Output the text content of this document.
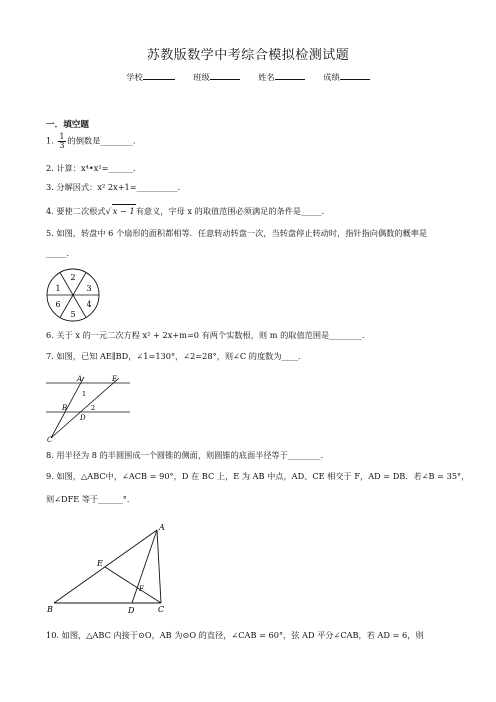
苏教版数学中考综合模拟检测试题
学校	班级	姓名	成绩
一．填空题
1. $\frac{1}{3}$ 的倒数是________．
2. 计算：x⁴•x²=______．
3. 分解因式：x² 2x+1=__________．
4. 要使二次根式√ x − 1有意义，字母 x 的取值范围必须满足的条件是_____．
5. 如图，转盘中 6 个扇形的面积都相等．任意转动转盘一次，当转盘停止转动时，指针指向偶数的概率是
_____．
2
1	3
6	4
5
6. 关于 x 的一元二次方程 x² + 2x+m=0 有两个实数根，则 m 的取值范围是________．
7. 如图，已知 AE∥BD，∠1=130°，∠2=28°，则∠C 的度数为____．
A	E
B
D
C
1
2
8. 用半径为 8 的半圆围成一个圆锥的侧面，则圆锥的底面半径等于________．
9. 如图，△ABC中，∠ACB = 90°，D 在 BC 上，E 为 AB 中点，AD、CE 相交于 F，AD = DB．若∠B = 35°，
则∠DFE 等于______°．
A
E
F
B	D	C
10. 如图，△ABC 内接于⊙O，AB 为⊙O 的直径，∠CAB = 60°，弦 AD 平分∠CAB，若 AD = 6，则
